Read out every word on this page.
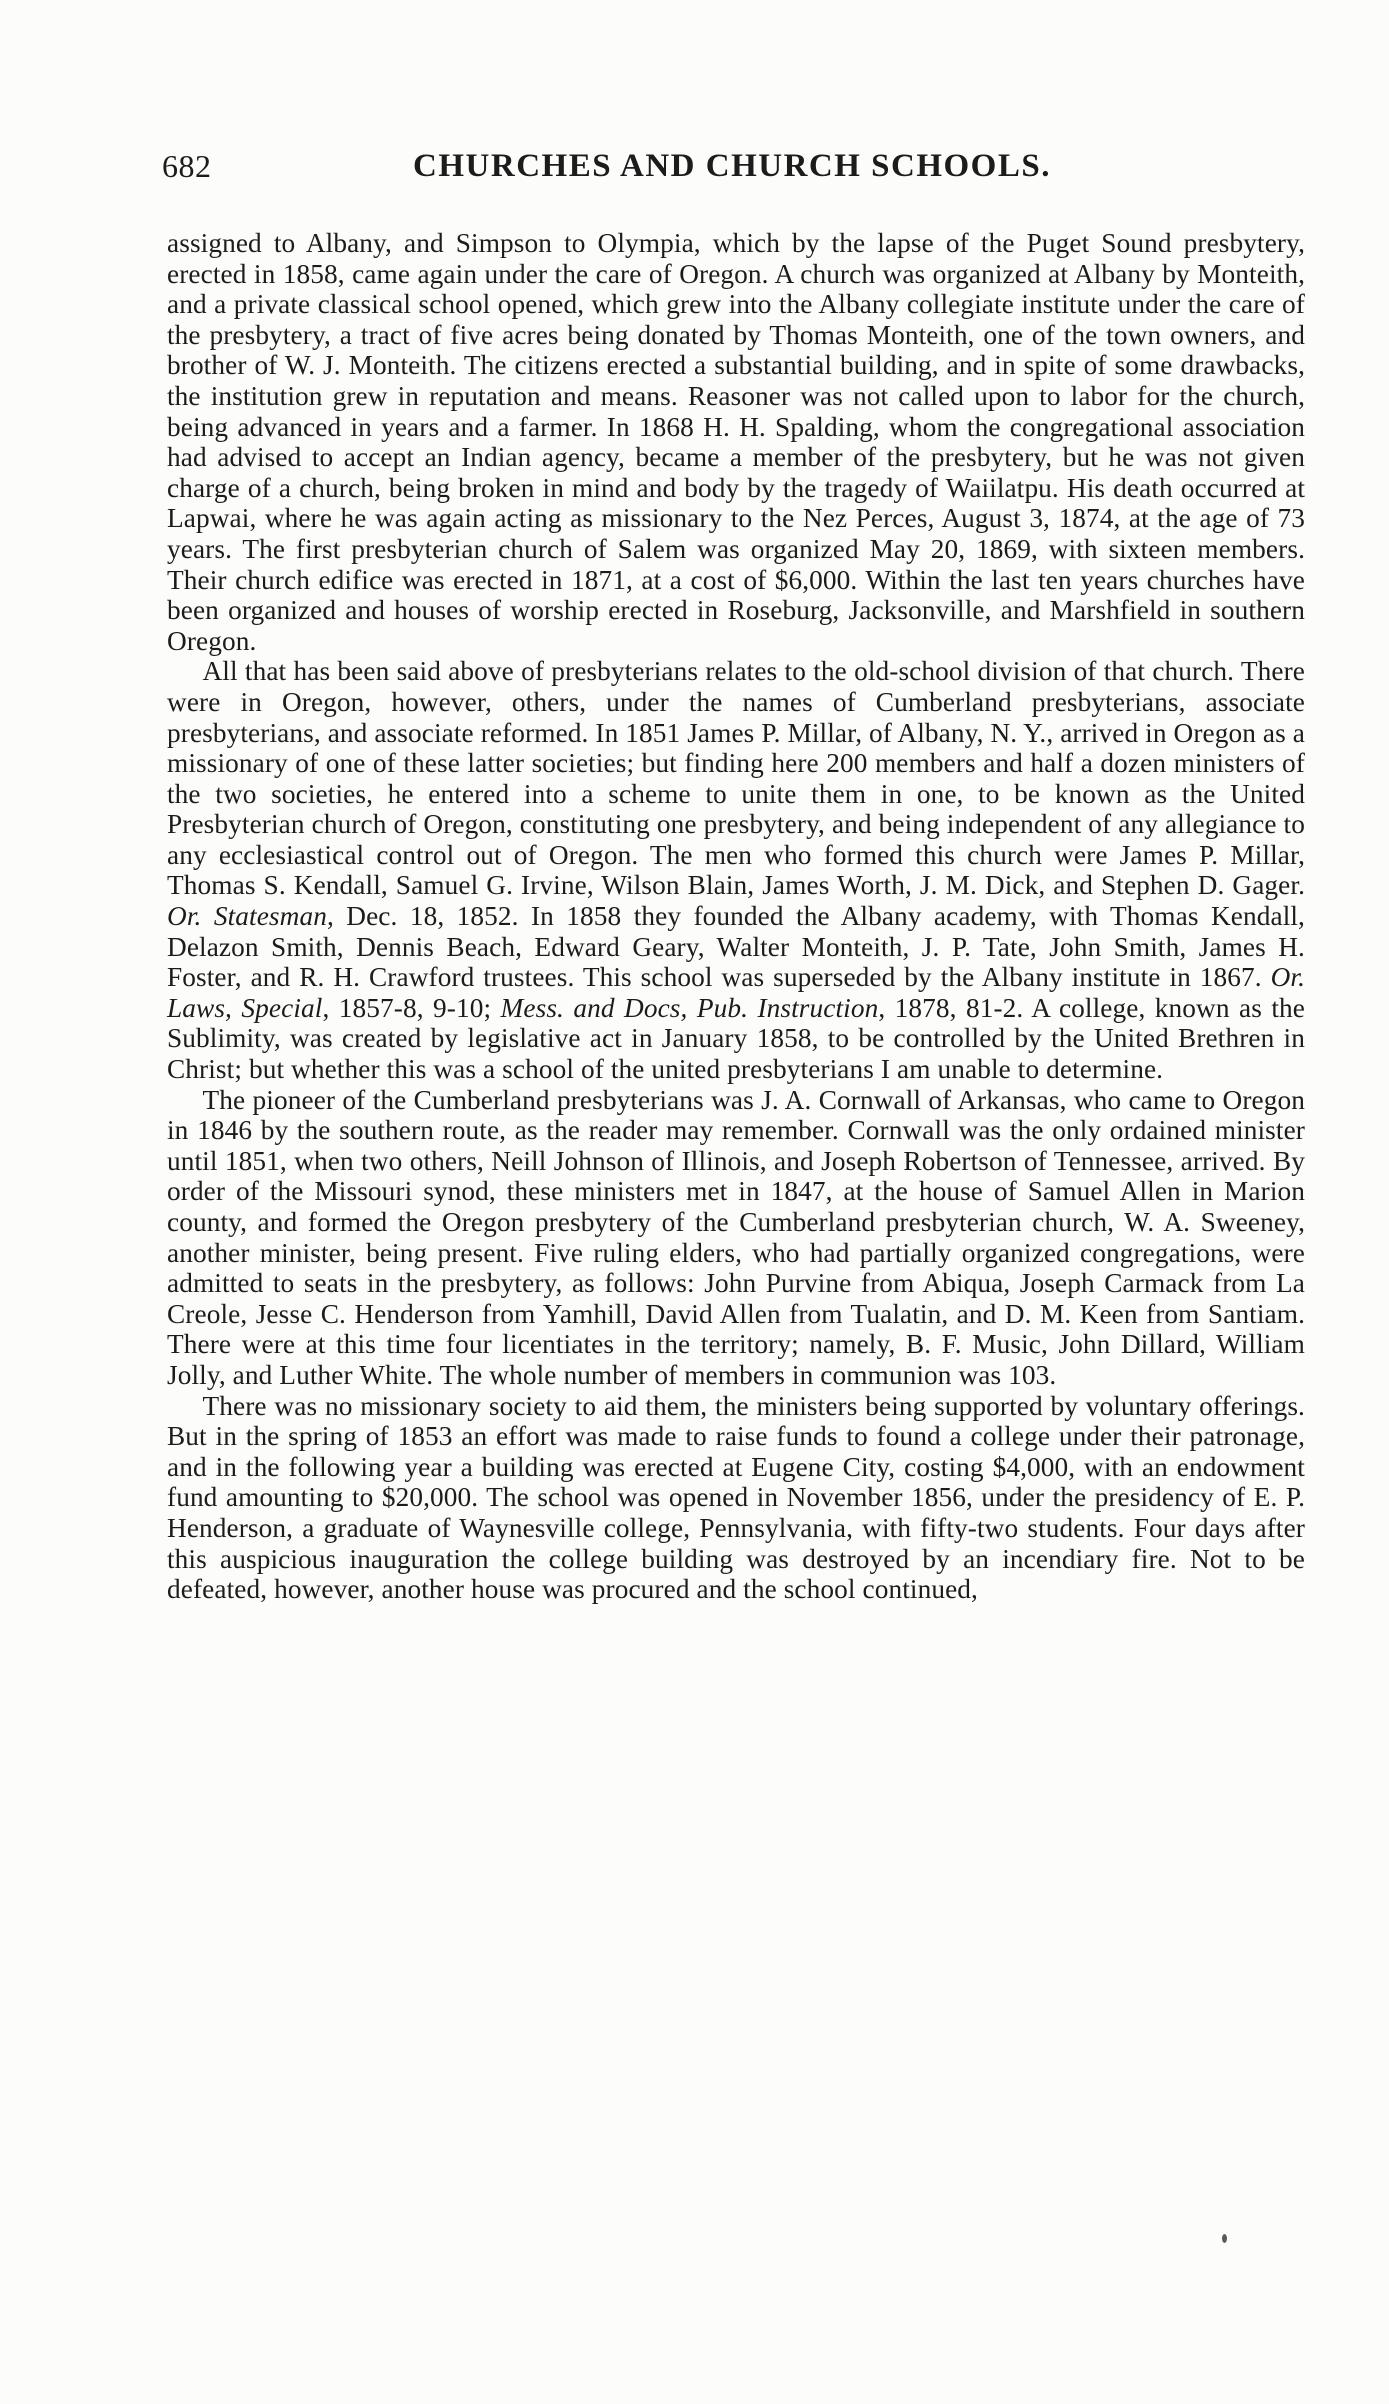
682	CHURCHES AND CHURCH SCHOOLS.

assigned to Albany, and Simpson to Olympia, which by the lapse of the Puget Sound presbytery, erected in 1858, came again under the care of Oregon. A church was organized at Albany by Monteith, and a private classical school opened, which grew into the Albany collegiate institute under the care of the presbytery, a tract of five acres being donated by Thomas Monteith, one of the town owners, and brother of W. J. Monteith. The citizens erected a substantial building, and in spite of some drawbacks, the institution grew in reputation and means. Reasoner was not called upon to labor for the church, being advanced in years and a farmer. In 1868 H. H. Spalding, whom the congregational association had advised to accept an Indian agency, became a member of the presbytery, but he was not given charge of a church, being broken in mind and body by the tragedy of Waiilatpu. His death occurred at Lapwai, where he was again acting as missionary to the Nez Perces, August 3, 1874, at the age of 73 years. The first presbyterian church of Salem was organized May 20, 1869, with sixteen members. Their church edifice was erected in 1871, at a cost of $6,000. Within the last ten years churches have been organized and houses of worship erected in Roseburg, Jacksonville, and Marshfield in southern Oregon.

All that has been said above of presbyterians relates to the old-school division of that church. There were in Oregon, however, others, under the names of Cumberland presbyterians, associate presbyterians, and associate reformed. In 1851 James P. Millar, of Albany, N. Y., arrived in Oregon as a missionary of one of these latter societies; but finding here 200 members and half a dozen ministers of the two societies, he entered into a scheme to unite them in one, to be known as the United Presbyterian church of Oregon, constituting one presbytery, and being independent of any allegiance to any ecclesiastical control out of Oregon. The men who formed this church were James P. Millar, Thomas S. Kendall, Samuel G. Irvine, Wilson Blain, James Worth, J. M. Dick, and Stephen D. Gager. Or. Statesman, Dec. 18, 1852. In 1858 they founded the Albany academy, with Thomas Kendall, Delazon Smith, Dennis Beach, Edward Geary, Walter Monteith, J. P. Tate, John Smith, James H. Foster, and R. H. Crawford trustees. This school was superseded by the Albany institute in 1867. Or. Laws, Special, 1857-8, 9-10; Mess. and Docs, Pub. Instruction, 1878, 81-2. A college, known as the Sublimity, was created by legislative act in January 1858, to be controlled by the United Brethren in Christ; but whether this was a school of the united presbyterians I am unable to determine.

The pioneer of the Cumberland presbyterians was J. A. Cornwall of Arkansas, who came to Oregon in 1846 by the southern route, as the reader may remember. Cornwall was the only ordained minister until 1851, when two others, Neill Johnson of Illinois, and Joseph Robertson of Tennessee, arrived. By order of the Missouri synod, these ministers met in 1847, at the house of Samuel Allen in Marion county, and formed the Oregon presbytery of the Cumberland presbyterian church, W. A. Sweeney, another minister, being present. Five ruling elders, who had partially organized congregations, were admitted to seats in the presbytery, as follows: John Purvine from Abiqua, Joseph Carmack from La Creole, Jesse C. Henderson from Yamhill, David Allen from Tualatin, and D. M. Keen from Santiam. There were at this time four licentiates in the territory; namely, B. F. Music, John Dillard, William Jolly, and Luther White. The whole number of members in communion was 103.

There was no missionary society to aid them, the ministers being supported by voluntary offerings. But in the spring of 1853 an effort was made to raise funds to found a college under their patronage, and in the following year a building was erected at Eugene City, costing $4,000, with an endowment fund amounting to $20,000. The school was opened in November 1856, under the presidency of E. P. Henderson, a graduate of Waynesville college, Pennsylvania, with fifty-two students. Four days after this auspicious inauguration the college building was destroyed by an incendiary fire. Not to be defeated, however, another house was procured and the school continued,
